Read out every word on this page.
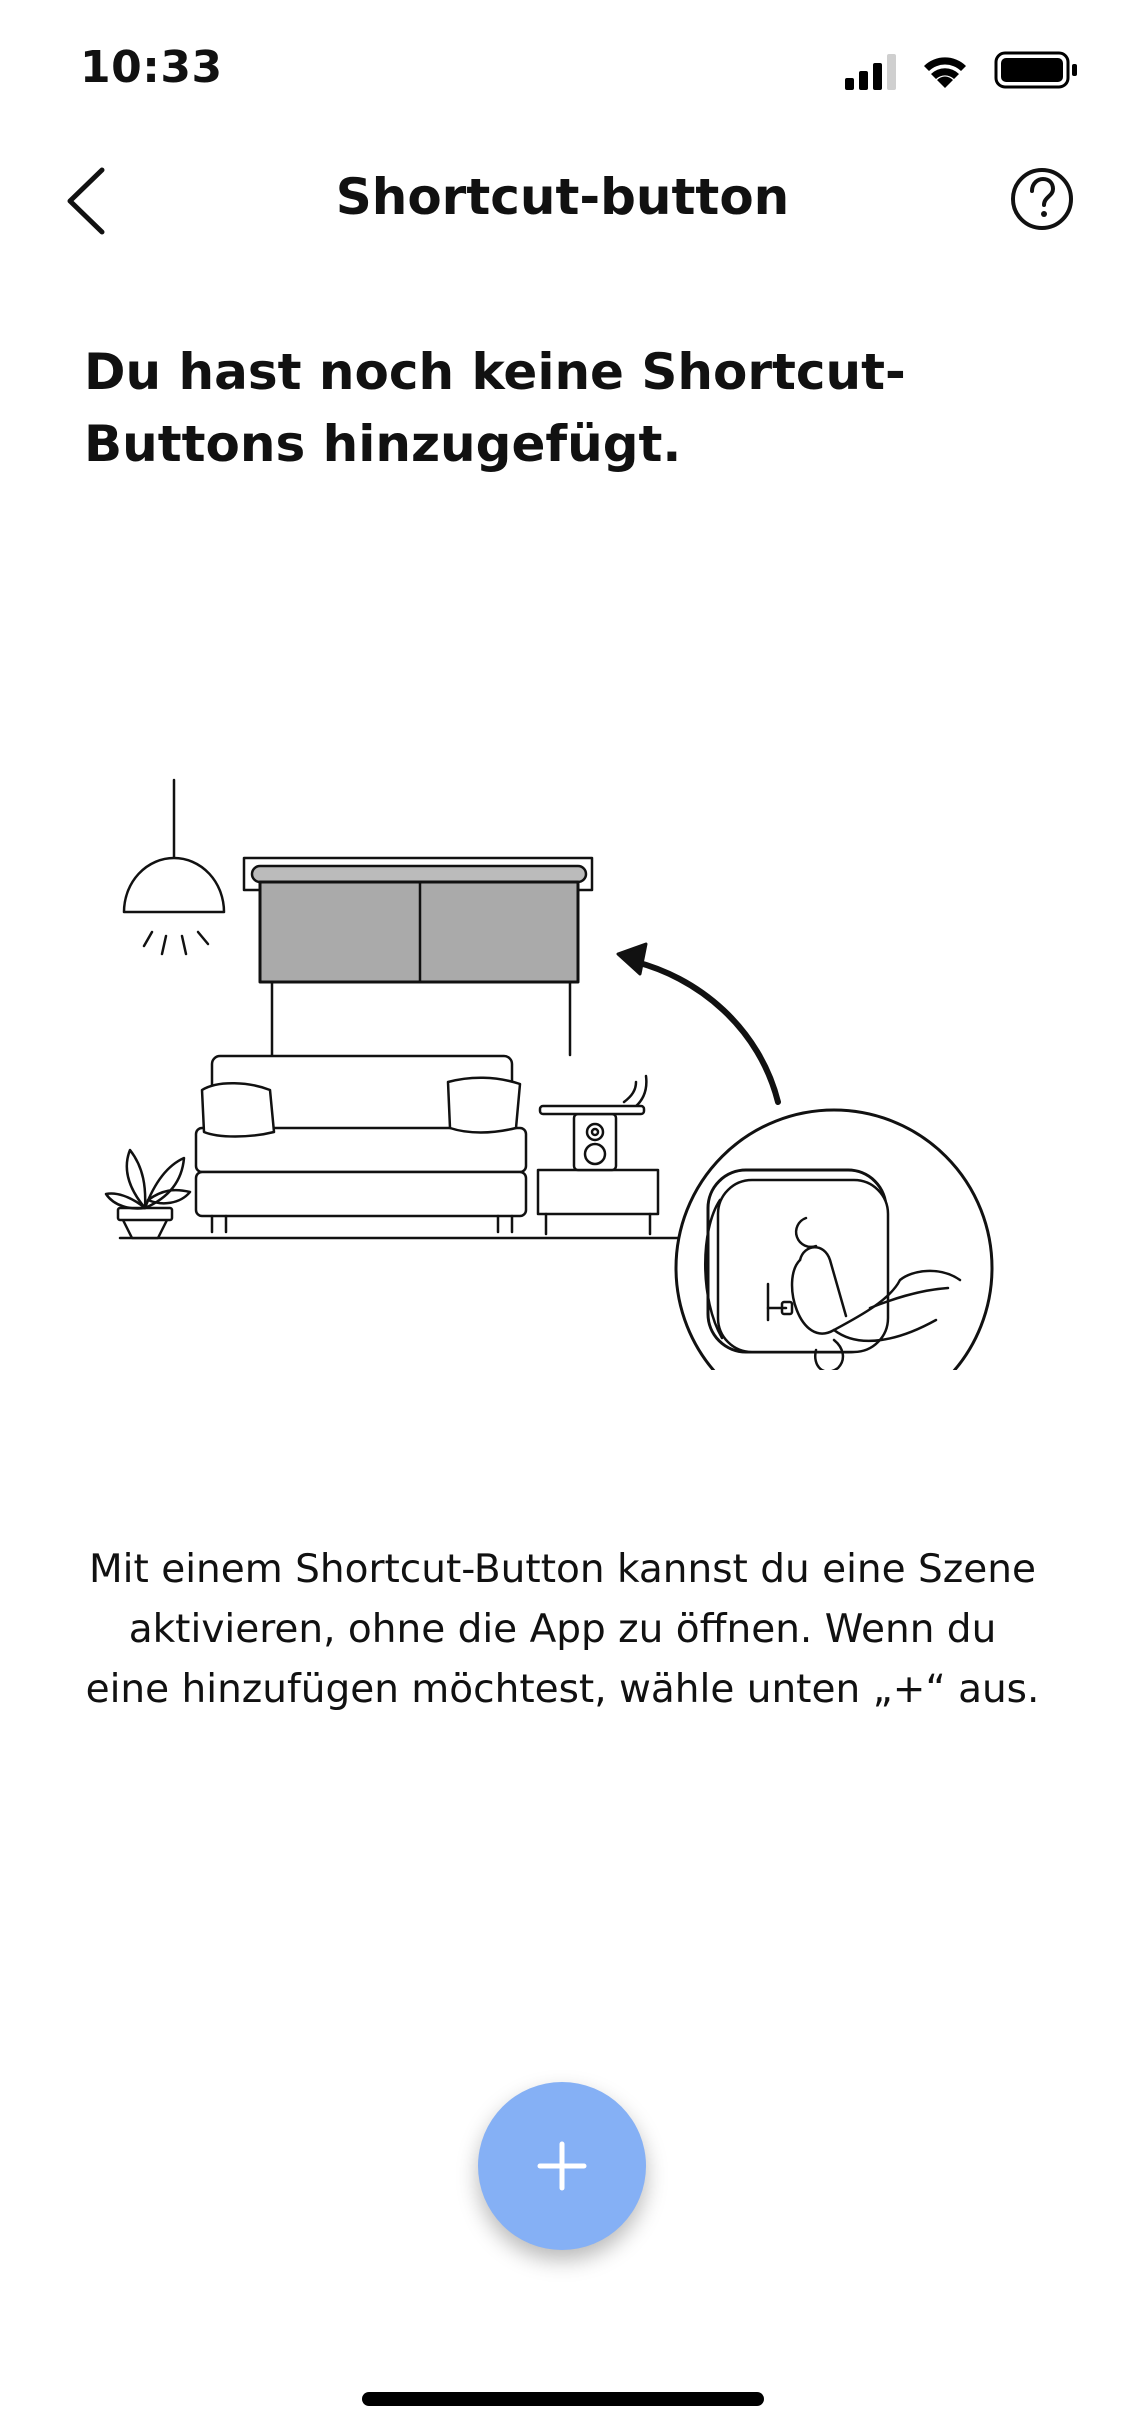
10:33
Shortcut-button
Du hast noch keine Shortcut-Buttons hinzugefügt.
Mit einem Shortcut-Button kannst du eine Szene aktivieren, ohne die App zu öffnen. Wenn du eine hinzufügen möchtest, wähle unten „+“ aus.
